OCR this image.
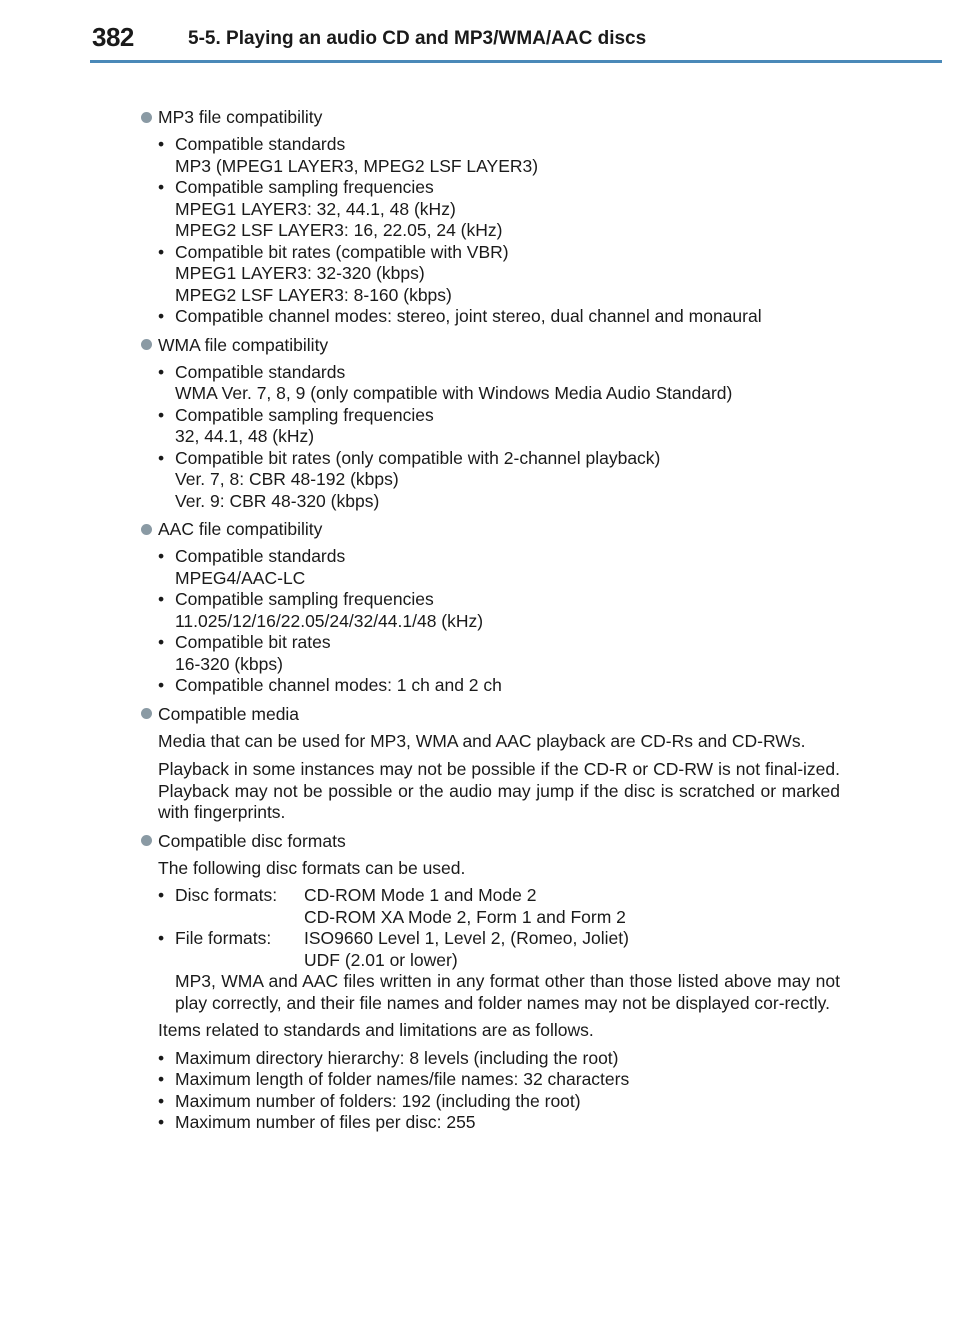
382	5-5. Playing an audio CD and MP3/WMA/AAC discs
MP3 file compatibility
• Compatible standards
MP3 (MPEG1 LAYER3, MPEG2 LSF LAYER3)
• Compatible sampling frequencies
MPEG1 LAYER3: 32, 44.1, 48 (kHz)
MPEG2 LSF LAYER3: 16, 22.05, 24 (kHz)
• Compatible bit rates (compatible with VBR)
MPEG1 LAYER3: 32-320 (kbps)
MPEG2 LSF LAYER3: 8-160 (kbps)
• Compatible channel modes: stereo, joint stereo, dual channel and monaural
WMA file compatibility
• Compatible standards
WMA Ver. 7, 8, 9 (only compatible with Windows Media Audio Standard)
• Compatible sampling frequencies
32, 44.1, 48 (kHz)
• Compatible bit rates (only compatible with 2-channel playback)
Ver. 7, 8: CBR 48-192 (kbps)
Ver. 9: CBR 48-320 (kbps)
AAC file compatibility
• Compatible standards
MPEG4/AAC-LC
• Compatible sampling frequencies
11.025/12/16/22.05/24/32/44.1/48 (kHz)
• Compatible bit rates
16-320 (kbps)
• Compatible channel modes: 1 ch and 2 ch
Compatible media

Media that can be used for MP3, WMA and AAC playback are CD-Rs and CD-RWs.

Playback in some instances may not be possible if the CD-R or CD-RW is not final-ized. Playback may not be possible or the audio may jump if the disc is scratched or marked with fingerprints.

Compatible disc formats

The following disc formats can be used.

• Disc formats:	CD-ROM Mode 1 and Mode 2
CD-ROM XA Mode 2, Form 1 and Form 2
• File formats:	ISO9660 Level 1, Level 2, (Romeo, Joliet)
UDF (2.01 or lower)
MP3, WMA and AAC files written in any format other than those listed above may not play correctly, and their file names and folder names may not be displayed cor-rectly.

Items related to standards and limitations are as follows.

• Maximum directory hierarchy: 8 levels (including the root)
• Maximum length of folder names/file names: 32 characters
• Maximum number of folders: 192 (including the root)
• Maximum number of files per disc: 255
